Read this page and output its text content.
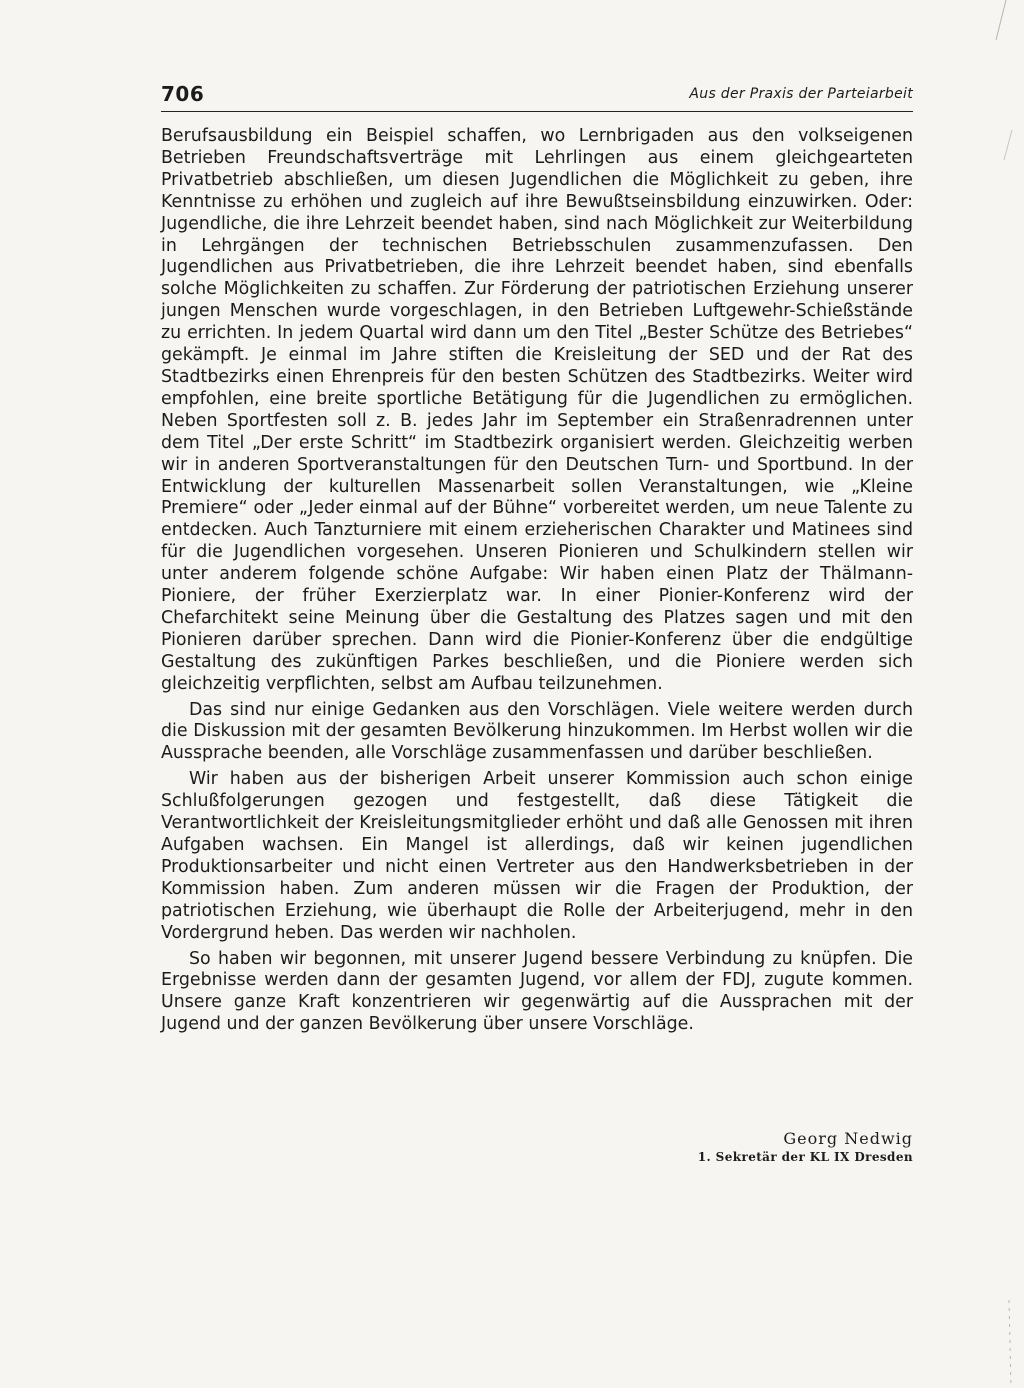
706	Aus der Praxis der Parteiarbeit

Berufsausbildung ein Beispiel schaffen, wo Lernbrigaden aus den volkseigenen Betrieben Freundschaftsverträge mit Lehrlingen aus einem gleichgearteten Privatbetrieb abschließen, um diesen Jugendlichen die Möglichkeit zu geben, ihre Kenntnisse zu erhöhen und zugleich auf ihre Bewußtseinsbildung einzuwirken. Oder: Jugendliche, die ihre Lehrzeit beendet haben, sind nach Möglichkeit zur Weiterbildung in Lehrgängen der technischen Betriebsschulen zusammenzufassen. Den Jugendlichen aus Privatbetrieben, die ihre Lehrzeit beendet haben, sind ebenfalls solche Möglichkeiten zu schaffen. Zur Förderung der patriotischen Erziehung unserer jungen Menschen wurde vorgeschlagen, in den Betrieben Luftgewehr-Schießstände zu errichten. In jedem Quartal wird dann um den Titel „Bester Schütze des Betriebes“ gekämpft. Je einmal im Jahre stiften die Kreisleitung der SED und der Rat des Stadtbezirks einen Ehrenpreis für den besten Schützen des Stadtbezirks. Weiter wird empfohlen, eine breite sportliche Betätigung für die Jugendlichen zu ermöglichen. Neben Sportfesten soll z. B. jedes Jahr im September ein Straßenradrennen unter dem Titel „Der erste Schritt“ im Stadtbezirk organisiert werden. Gleichzeitig werben wir in anderen Sportveranstaltungen für den Deutschen Turn- und Sportbund. In der Entwicklung der kulturellen Massenarbeit sollen Veranstaltungen, wie „Kleine Premiere“ oder „Jeder einmal auf der Bühne“ vorbereitet werden, um neue Talente zu entdecken. Auch Tanzturniere mit einem erzieherischen Charakter und Matinees sind für die Jugendlichen vorgesehen. Unseren Pionieren und Schulkindern stellen wir unter anderem folgende schöne Aufgabe: Wir haben einen Platz der Thälmann-Pioniere, der früher Exerzierplatz war. In einer Pionier-Konferenz wird der Chefarchitekt seine Meinung über die Gestaltung des Platzes sagen und mit den Pionieren darüber sprechen. Dann wird die Pionier-Konferenz über die endgültige Gestaltung des zukünftigen Parkes beschließen, und die Pioniere werden sich gleichzeitig verpflichten, selbst am Aufbau teilzunehmen.

Das sind nur einige Gedanken aus den Vorschlägen. Viele weitere werden durch die Diskussion mit der gesamten Bevölkerung hinzukommen. Im Herbst wollen wir die Aussprache beenden, alle Vorschläge zusammenfassen und darüber beschließen.

Wir haben aus der bisherigen Arbeit unserer Kommission auch schon einige Schlußfolgerungen gezogen und festgestellt, daß diese Tätigkeit die Verantwortlichkeit der Kreisleitungsmitglieder erhöht und daß alle Genossen mit ihren Aufgaben wachsen. Ein Mangel ist allerdings, daß wir keinen jugendlichen Produktionsarbeiter und nicht einen Vertreter aus den Handwerksbetrieben in der Kommission haben. Zum anderen müssen wir die Fragen der Produktion, der patriotischen Erziehung, wie überhaupt die Rolle der Arbeiterjugend, mehr in den Vordergrund heben. Das werden wir nachholen.

So haben wir begonnen, mit unserer Jugend bessere Verbindung zu knüpfen. Die Ergebnisse werden dann der gesamten Jugend, vor allem der FDJ, zugute kommen. Unsere ganze Kraft konzentrieren wir gegenwärtig auf die Aussprachen mit der Jugend und der ganzen Bevölkerung über unsere Vorschläge.

Georg Nedwig
1. Sekretär der KL IX Dresden
